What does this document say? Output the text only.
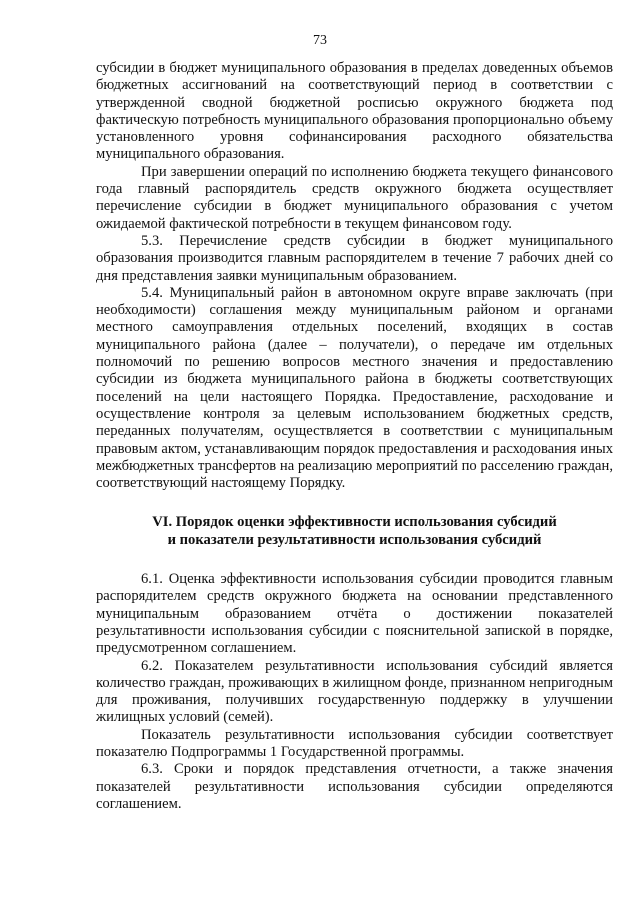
73

субсидии в бюджет муниципального образования в пределах доведенных объемов бюджетных ассигнований на соответствующий период в соответствии с утвержденной сводной бюджетной росписью окружного бюджета под фактическую потребность муниципального образования пропорционально объему установленного уровня софинансирования расходного обязательства муниципального образования.

При завершении операций по исполнению бюджета текущего финансового года главный распорядитель средств окружного бюджета осуществляет перечисление субсидии в бюджет муниципального образования с учетом ожидаемой фактической потребности в текущем финансовом году.

5.3. Перечисление средств субсидии в бюджет муниципального образования производится главным распорядителем в течение 7 рабочих дней со дня представления заявки муниципальным образованием.

5.4. Муниципальный район в автономном округе вправе заключать (при необходимости) соглашения между муниципальным районом и органами местного самоуправления отдельных поселений, входящих в состав муниципального района (далее – получатели), о передаче им отдельных полномочий по решению вопросов местного значения и предоставлению субсидии из бюджета муниципального района в бюджеты соответствующих поселений на цели настоящего Порядка. Предоставление, расходование и осуществление контроля за целевым использованием бюджетных средств, переданных получателям, осуществляется в соответствии с муниципальным правовым актом, устанавливающим порядок предоставления и расходования иных межбюджетных трансфертов на реализацию мероприятий по расселению граждан, соответствующий настоящему Порядку.

VI. Порядок оценки эффективности использования субсидий
и показатели результативности использования субсидий

6.1. Оценка эффективности использования субсидии проводится главным распорядителем средств окружного бюджета на основании представленного муниципальным образованием отчёта о достижении показателей результативности использования субсидии с пояснительной запиской в порядке, предусмотренном соглашением.

6.2. Показателем результативности использования субсидий является количество граждан, проживающих в жилищном фонде, признанном непригодным для проживания, получивших государственную поддержку в улучшении жилищных условий (семей).

Показатель результативности использования субсидии соответствует показателю Подпрограммы 1 Государственной программы.

6.3. Сроки и порядок представления отчетности, а также значения показателей результативности использования субсидии определяются соглашением.
